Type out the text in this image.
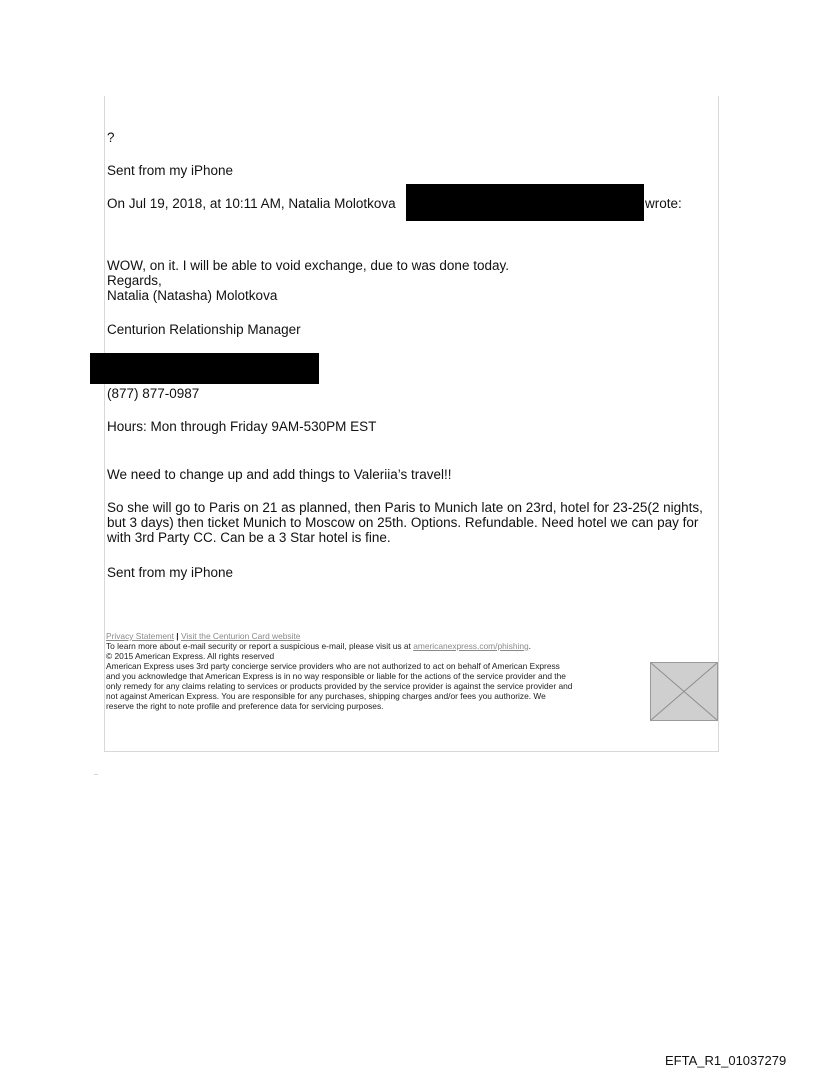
?

Sent from my iPhone

On Jul 19, 2018, at 10:11 AM, Natalia Molotkova	wrote:

WOW, on it. I will be able to void exchange, due to was done today.

Regards,

Natalia (Natasha) Molotkova

Centurion Relationship Manager

(877) 877-0987

Hours: Mon through Friday 9AM-530PM EST

We need to change up and add things to Valeriia’s travel!!

So she will go to Paris on 21 as planned, then Paris to Munich late on 23rd, hotel for 23-25(2 nights, but 3 days) then ticket Munich to Moscow on 25th. Options. Refundable. Need hotel we can pay for with 3rd Party CC. Can be a 3 Star hotel is fine.

Sent from my iPhone

Privacy Statement | Visit the Centurion Card website
To learn more about e-mail security or report a suspicious e-mail, please visit us at americanexpress.com/phishing.
© 2015 American Express. All rights reserved
American Express uses 3rd party concierge service providers who are not authorized to act on behalf of American Express
and you acknowledge that American Express is in no way responsible or liable for the actions of the service provider and the
only remedy for any claims relating to services or products provided by the service provider is against the service provider and
not against American Express. You are responsible for any purchases, shipping charges and/or fees you authorize. We
reserve the right to note profile and preference data for servicing purposes.
‥
EFTA_R1_01037279
